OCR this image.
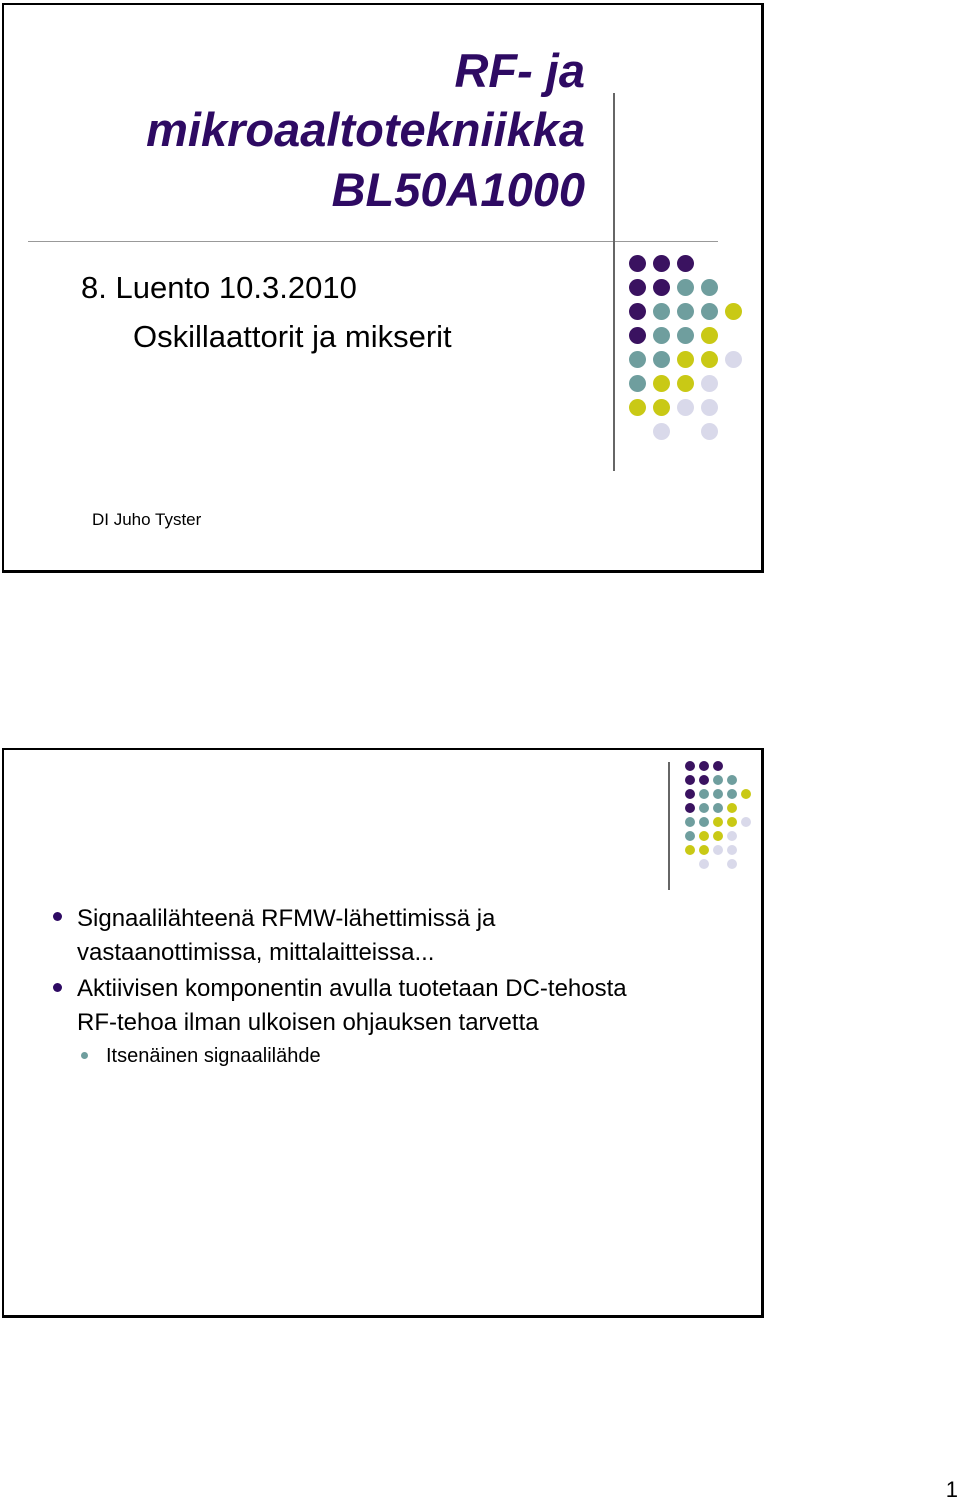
RF- ja
mikroaaltotekniikka
BL50A1000
8. Luento 10.3.2010
Oskillaattorit ja mikserit
DI Juho Tyster
Signaalilähteenä RFMW-lähettimissä ja
vastaanottimissa, mittalaitteissa...
Aktiivisen komponentin avulla tuotetaan DC-tehosta
RF-tehoa ilman ulkoisen ohjauksen tarvetta
Itsenäinen signaalilähde
1
